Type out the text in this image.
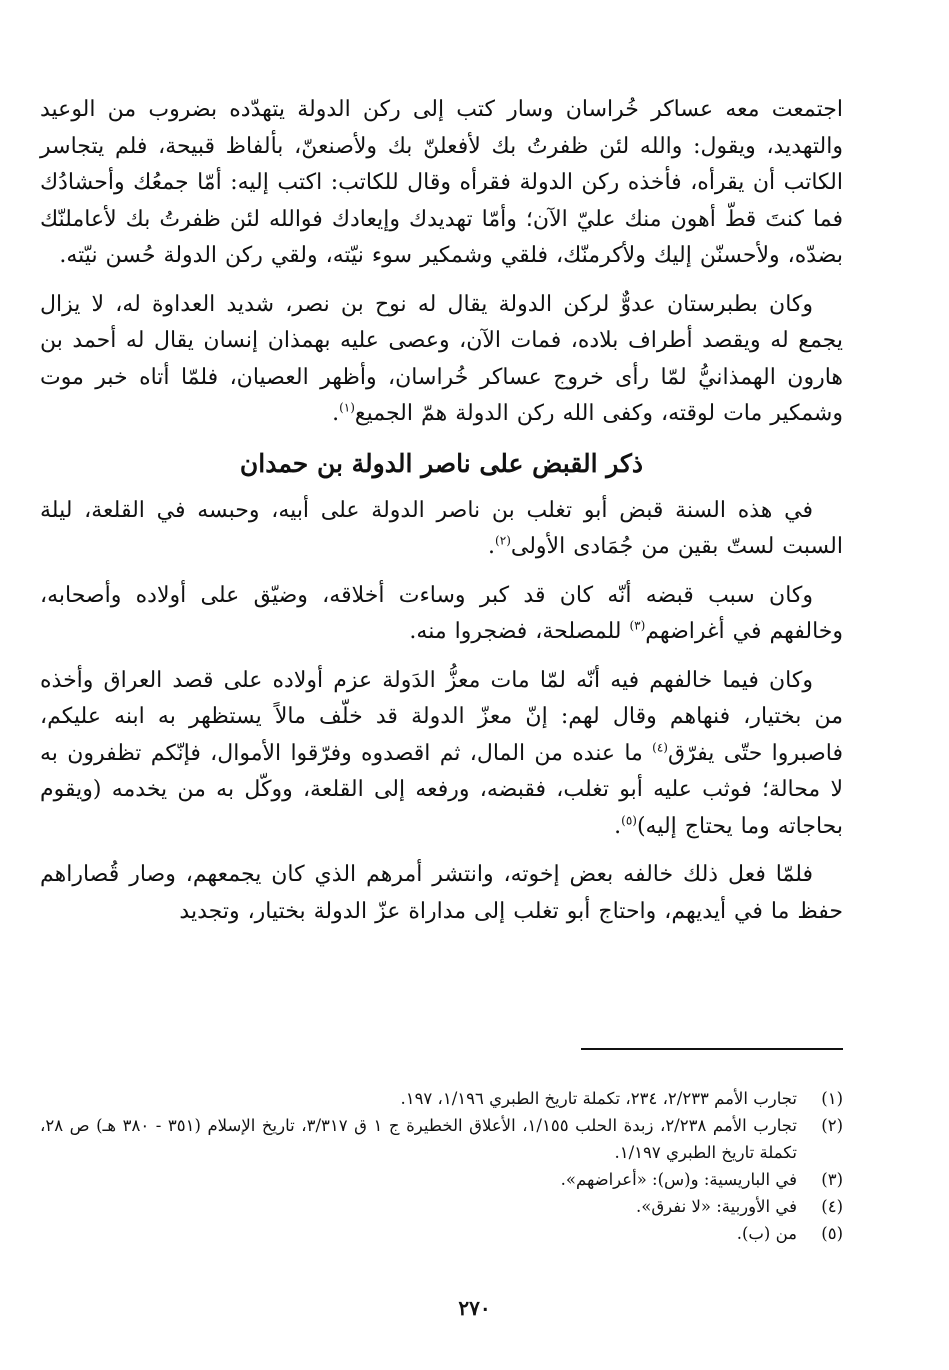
اجتمعت معه عساكر خُراسان وسار كتب إلى ركن الدولة يتهدّده بضروب من الوعيد والتهديد، ويقول: والله لئن ظفرتُ بك لأفعلنّ بك ولأصنعنّ، بألفاظ قبيحة، فلم يتجاسر الكاتب أن يقرأه، فأخذه ركن الدولة فقرأه وقال للكاتب: اكتب إليه: أمّا جمعُك وأحشادُك فما كنتَ قطّ أهون منك عليّ الآن؛ وأمّا تهديدك وإيعادك فوالله لئن ظفرتُ بك لأعاملنّك بضدّه، ولأحسنّن إليك ولأكرمنّك، فلقي وشمكير سوء نيّته، ولقي ركن الدولة حُسن نيّته.

وكان بطبرستان عدوٌّ لركن الدولة يقال له نوح بن نصر، شديد العداوة له، لا يزال يجمع له ويقصد أطراف بلاده، فمات الآن، وعصى عليه بهمذان إنسان يقال له أحمد بن هارون الهمذانيُّ لمّا رأى خروج عساكر خُراسان، وأظهر العصيان، فلمّا أتاه خبر موت وشمكير مات لوقته، وكفى الله ركن الدولة همّ الجميع$^{(١)}$.

ذكر القبض على ناصر الدولة بن حمدان

في هذه السنة قبض أبو تغلب بن ناصر الدولة على أبيه، وحبسه في القلعة، ليلة السبت لستّ بقين من جُمَادى الأولى$^{(٢)}$.

وكان سبب قبضه أنّه كان قد كبر وساءت أخلاقه، وضيّق على أولاده وأصحابه، وخالفهم في أغراضهم$^{(٣)}$ للمصلحة، فضجروا منه.

وكان فيما خالفهم فيه أنّه لمّا مات معزُّ الدَولة عزم أولاده على قصد العراق وأخذه من بختيار، فنهاهم وقال لهم: إنّ معزّ الدولة قد خلّف مالاً يستظهر به ابنه عليكم، فاصبروا حتّى يفرّق$^{(٤)}$ ما عنده من المال، ثم اقصدوه وفرّقوا الأموال، فإنّكم تظفرون به لا محالة؛ فوثب عليه أبو تغلب، فقبضه، ورفعه إلى القلعة، ووكّل به من يخدمه (ويقوم بحاجاته وما يحتاج إليه)$^{(٥)}$.

فلمّا فعل ذلك خالفه بعض إخوته، وانتشر أمرهم الذي كان يجمعهم، وصار قُصاراهم حفظ ما في أيديهم، واحتاج أبو تغلب إلى مداراة عزّ الدولة بختيار، وتجديد

(١)
تجارب الأمم ٢/٢٣٣، ٢٣٤، تكملة تاريخ الطبري ١/١٩٦، ١٩٧.
(٢)
تجارب الأمم ٢/٢٣٨، زبدة الحلب ١/١٥٥، الأعلاق الخطيرة ج ١ ق ٣/٣١٧، تاريخ الإسلام (٣٥١ - ٣٨٠ هـ) ص ٢٨، تكملة تاريخ الطبري ١/١٩٧.
(٣)
في الباريسية: و(س): «أعراضهم».
(٤)
في الأوربية: «لا نفرق».
(٥)
من (ب).
٢٧٠
